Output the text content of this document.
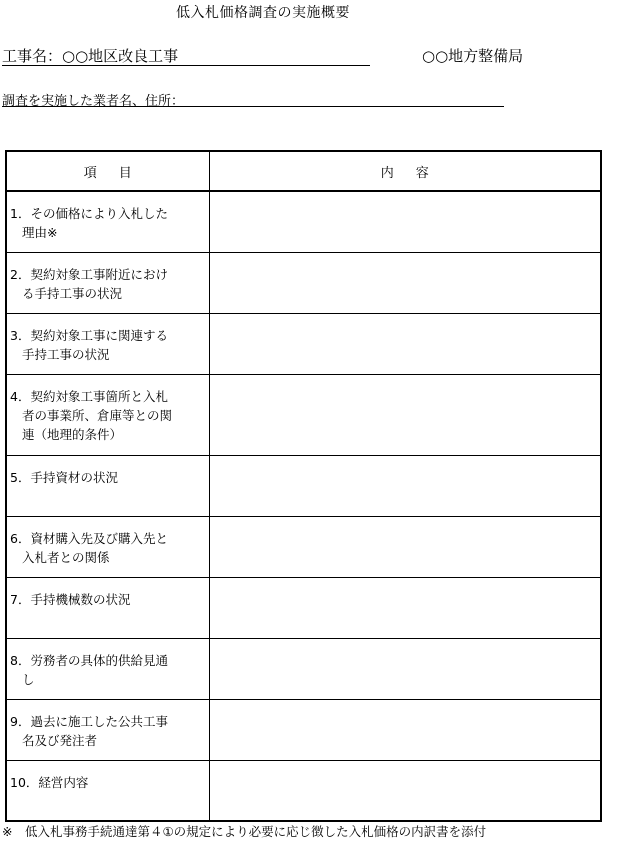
低入札価格調査の実施概要
工事名：○○地区改良工事	○○地方整備局
調査を実施した業者名、住所：
項目	内容

1．その価格により入札した
理由※	

2．契約対象工事附近におけ
る手持工事の状況	

3．契約対象工事に関連する
手持工事の状況	

4．契約対象工事箇所と入札
者の事業所、倉庫等との関
連（地理的条件）	

5．手持資材の状況	

6．資材購入先及び購入先と
入札者との関係	

7．手持機械数の状況	

8．労務者の具体的供給見通
し	

9．過去に施工した公共工事
名及び発注者	

10．経営内容	

※　低入札事務手続通達第４①の規定により必要に応じ徴した入札価格の内訳書を添付
